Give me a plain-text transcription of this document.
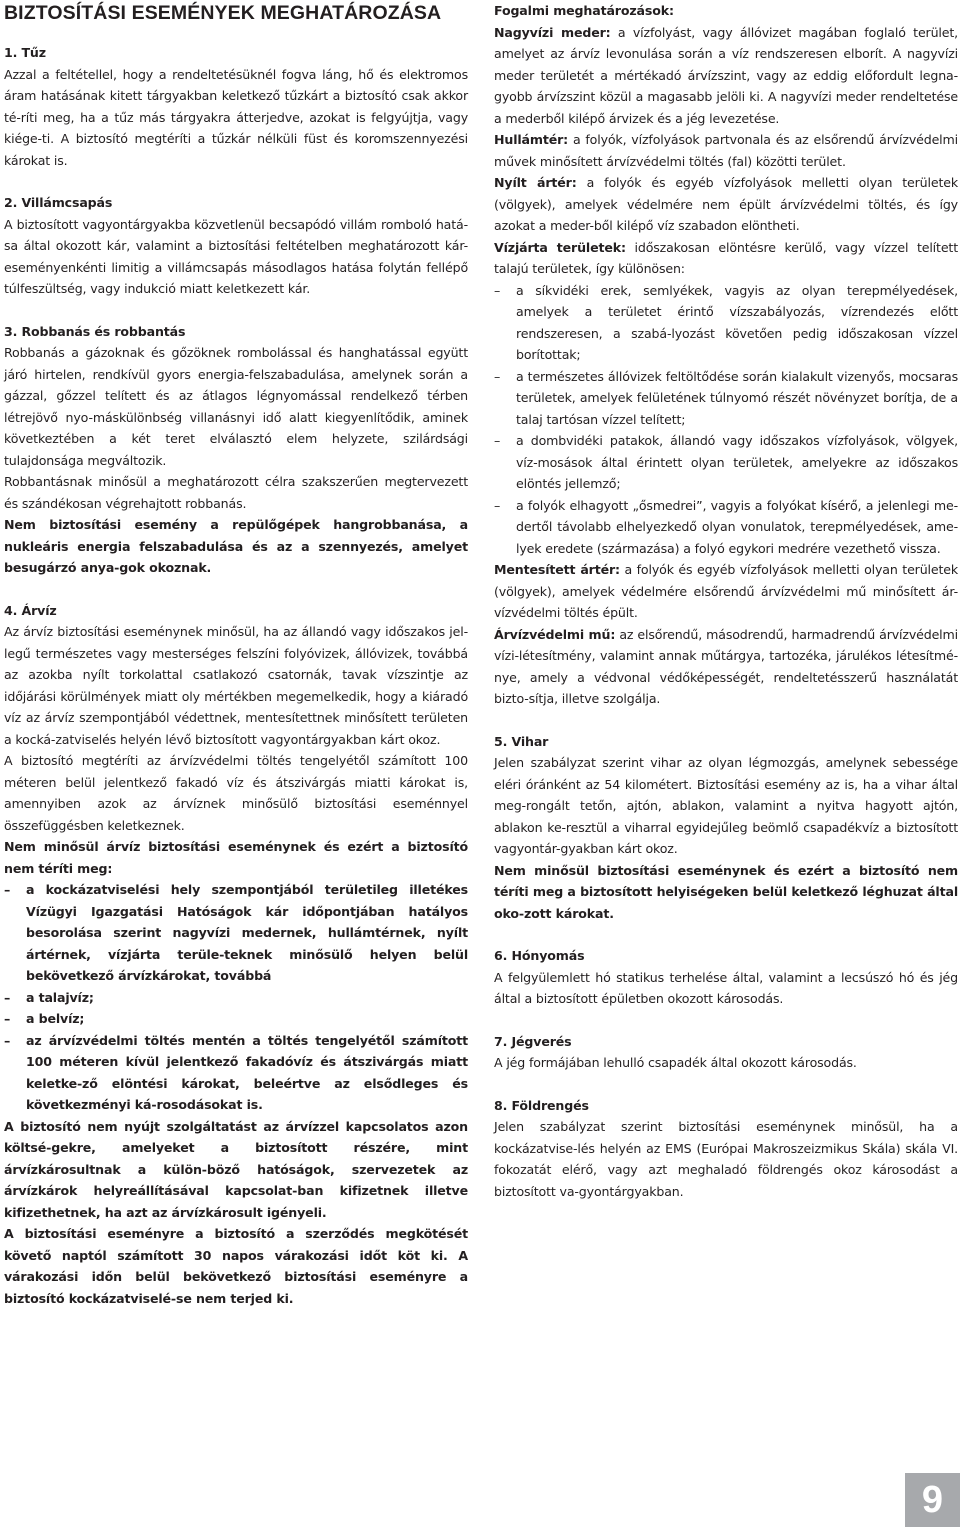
BIZTOSÍTÁSI ESEMÉNYEK MEGHATÁROZÁSA

1. Tűz

Azzal a feltétellel, hogy a rendeltetésüknél fogva láng, hő és elektromos áram hatásának kitett tárgyakban keletkező tűzkárt a biztosító csak akkor té-ríti meg, ha a tűz más tárgyakra átterjedve, azokat is felgyújtja, vagy kiége-ti. A biztosító megtéríti a tűzkár nélküli füst és koromszennyezési károkat is.

2. Villámcsapás

A biztosított vagyontárgyakba közvetlenül becsapódó villám romboló hatá-sa által okozott kár, valamint a biztosítási feltételben meghatározott kár-eseményenkénti limitig a villámcsapás másodlagos hatása folytán fellépő túlfeszültség, vagy indukció miatt keletkezett kár.

3. Robbanás és robbantás

Robbanás a gázoknak és gőzöknek rombolással és hanghatással együtt járó hirtelen, rendkívül gyors energia-felszabadulása, amelynek során a gázzal, gőzzel telített és az átlagos légnyomással rendelkező térben létrejövő nyo-máskülönbség villanásnyi idő alatt kiegyenlítődik, aminek következtében a két teret elválasztó elem helyzete, szilárdsági tulajdonsága megváltozik.

Robbantásnak minősül a meghatározott célra szakszerűen megtervezett és szándékosan végrehajtott robbanás.

Nem biztosítási esemény a repülőgépek hangrobbanása, a nukleáris energia felszabadulása és az a szennyezés, amelyet besugárzó anya-gok okoznak.

4. Árvíz

Az árvíz biztosítási eseménynek minősül, ha az állandó vagy időszakos jel-legű természetes vagy mesterséges felszíni folyóvizek, állóvizek, továbbá az azokba nyílt torkolattal csatlakozó csatornák, tavak vízszintje az időjárási körülmények miatt oly mértékben megemelkedik, hogy a kiáradó víz az árvíz szempontjából védettnek, mentesítettnek minősített területen a kocká-zatviselés helyén lévő biztosított vagyontárgyakban kárt okoz.

A biztosító megtéríti az árvízvédelmi töltés tengelyétől számított 100 méteren belül jelentkező fakadó víz és átszivárgás miatti károkat is, amennyiben azok az árvíznek minősülő biztosítási eseménnyel összefüggésben keletkeznek.

Nem minősül árvíz biztosítási eseménynek és ezért a biztosító nem téríti meg:

– a kockázatviselési hely szempontjából területileg illetékes Vízügyi Igazgatási Hatóságok kár időpontjában hatályos besorolása szerint nagyvízi medernek, hullámtérnek, nyílt ártérnek, vízjárta terüle-teknek minősülő helyen belül bekövetkező árvízkárokat, továbbá
– a talajvíz;
– a belvíz;
– az árvízvédelmi töltés mentén a töltés tengelyétől számított 100 méteren kívül jelentkező fakadóvíz és átszivárgás miatt keletke-ző elöntési károkat, beleértve az elsődleges és következményi ká-rosodásokat is.

A biztosító nem nyújt szolgáltatást az árvízzel kapcsolatos azon költsé-gekre, amelyeket a biztosított részére, mint árvízkárosultnak a külön-böző hatóságok, szervezetek az árvízkárok helyreállításával kapcsolat-ban kifizetnek illetve kifizethetnek, ha azt az árvízkárosult igényeli.

A biztosítási eseményre a biztosító a szerződés megkötését követő naptól számított 30 napos várakozási időt köt ki. A várakozási időn belül bekövetkező biztosítási eseményre a biztosító kockázatviselé-se nem terjed ki.

Fogalmi meghatározások:

Nagyvízi meder: a vízfolyást, vagy állóvizet magában foglaló terület, amelyet az árvíz levonulása során a víz rendszeresen elborít. A nagyvízi meder területét a mértékadó árvízszint, vagy az eddig előfordult legna-gyobb árvízszint közül a magasabb jelöli ki. A nagyvízi meder rendeltetése a mederből kilépő árvizek és a jég levezetése.

Hullámtér: a folyók, vízfolyások partvonala és az elsőrendű árvízvédelmi művek minősített árvízvédelmi töltés (fal) közötti terület.

Nyílt ártér: a folyók és egyéb vízfolyások melletti olyan területek (völgyek), amelyek védelmére nem épült árvízvédelmi töltés, és így azokat a meder-ből kilépő víz szabadon elöntheti.

Vízjárta területek: időszakosan elöntésre kerülő, vagy vízzel telített talajú területek, így különösen:

– a síkvidéki erek, semlyékek, vagyis az olyan terepmélyedések, amelyek a területet érintő vízszabályozás, vízrendezés előtt rendszeresen, a szabá-lyozást követően pedig időszakosan vízzel borítottak;
– a természetes állóvizek feltöltődése során kialakult vizenyős, mocsaras területek, amelyek felületének túlnyomó részét növényzet borítja, de a talaj tartósan vízzel telített;
– a dombvidéki patakok, állandó vagy időszakos vízfolyások, völgyek, víz-mosások által érintett olyan területek, amelyekre az időszakos elöntés jellemző;
– a folyók elhagyott „ősmedrei”, vagyis a folyókat kísérő, a jelenlegi me-dertől távolabb elhelyezkedő olyan vonulatok, terepmélyedések, ame-lyek eredete (származása) a folyó egykori medrére vezethető vissza.

Mentesített ártér: a folyók és egyéb vízfolyások melletti olyan területek (völgyek), amelyek védelmére elsőrendű árvízvédelmi mű minősített ár-vízvédelmi töltés épült.

Árvízvédelmi mű: az elsőrendű, másodrendű, harmadrendű árvízvédelmi vízi-létesítmény, valamint annak műtárgya, tartozéka, járulékos létesítmé-nye, amely a védvonal védőképességét, rendeltetésszerű használatát bizto-sítja, illetve szolgálja.

5. Vihar

Jelen szabályzat szerint vihar az olyan légmozgás, amelynek sebessége eléri óránként az 54 kilométert. Biztosítási esemény az is, ha a vihar által meg-rongált tetőn, ajtón, ablakon, valamint a nyitva hagyott ajtón, ablakon ke-resztül a viharral egyidejűleg beömlő csapadékvíz a biztosított vagyontár-gyakban kárt okoz.

Nem minősül biztosítási eseménynek és ezért a biztosító nem téríti meg a biztosított helyiségeken belül keletkező léghuzat által oko-zott károkat.

6. Hónyomás

A felgyülemlett hó statikus terhelése által, valamint a lecsúszó hó és jég által a biztosított épületben okozott károsodás.

7. Jégverés

A jég formájában lehulló csapadék által okozott károsodás.

8. Földrengés

Jelen szabályzat szerint biztosítási eseménynek minősül, ha a kockázatvise-lés helyén az EMS (Európai Makroszeizmikus Skála) skála VI. fokozatát elérő, vagy azt meghaladó földrengés okoz károsodást a biztosított va-gyontárgyakban.

9
